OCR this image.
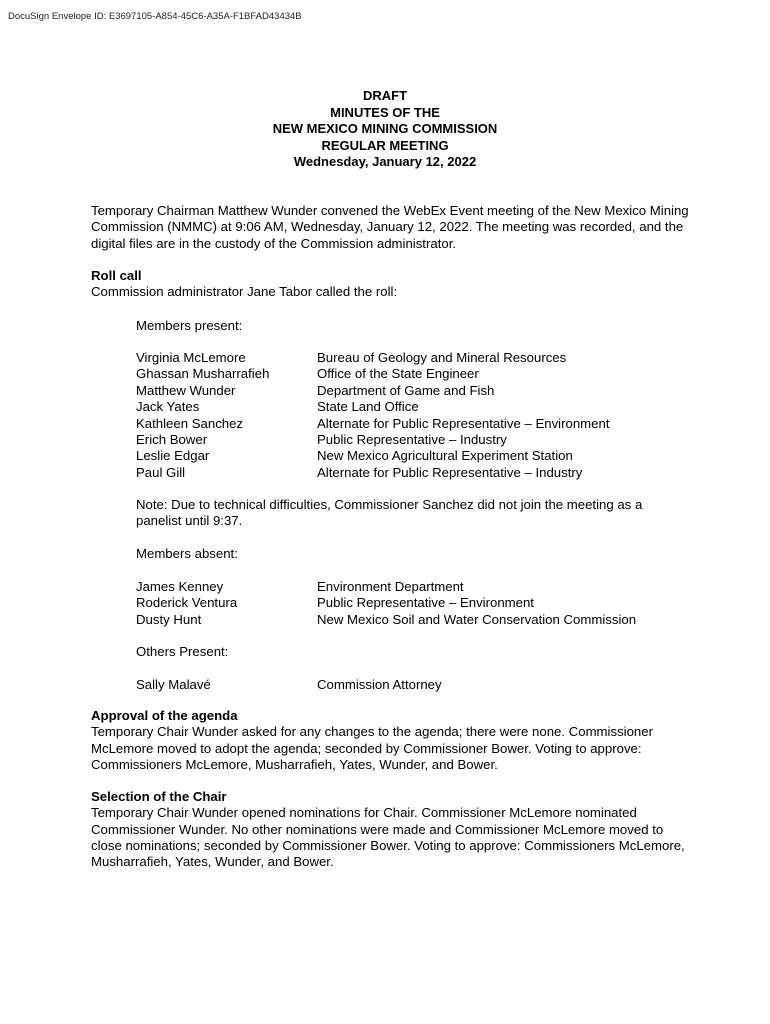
DocuSign Envelope ID: E3697105-A854-45C6-A35A-F1BFAD43434B
DRAFT
MINUTES OF THE
NEW MEXICO MINING COMMISSION
REGULAR MEETING
Wednesday, January 12, 2022

Temporary Chairman Matthew Wunder convened the WebEx Event meeting of the New Mexico Mining Commission (NMMC) at 9:06 AM, Wednesday, January 12, 2022. The meeting was recorded, and the digital files are in the custody of the Commission administrator.

Roll call
Commission administrator Jane Tabor called the roll:
Members present:
Virginia McLemore	Bureau of Geology and Mineral Resources
Ghassan Musharrafieh	Office of the State Engineer
Matthew Wunder	Department of Game and Fish
Jack Yates	State Land Office
Kathleen Sanchez	Alternate for Public Representative – Environment
Erich Bower	Public Representative – Industry
Leslie Edgar	New Mexico Agricultural Experiment Station
Paul Gill	Alternate for Public Representative – Industry

Note: Due to technical difficulties, Commissioner Sanchez did not join the meeting as a panelist until 9:37.

Members absent:
James Kenney	Environment Department
Roderick Ventura	Public Representative – Environment
Dusty Hunt	New Mexico Soil and Water Conservation Commission
Others Present:
Sally Malavé	Commission Attorney
Approval of the agenda

Temporary Chair Wunder asked for any changes to the agenda; there were none. Commissioner McLemore moved to adopt the agenda; seconded by Commissioner Bower. Voting to approve: Commissioners McLemore, Musharrafieh, Yates, Wunder, and Bower.

Selection of the Chair

Temporary Chair Wunder opened nominations for Chair. Commissioner McLemore nominated Commissioner Wunder. No other nominations were made and Commissioner McLemore moved to close nominations; seconded by Commissioner Bower. Voting to approve: Commissioners McLemore, Musharrafieh, Yates, Wunder, and Bower.
